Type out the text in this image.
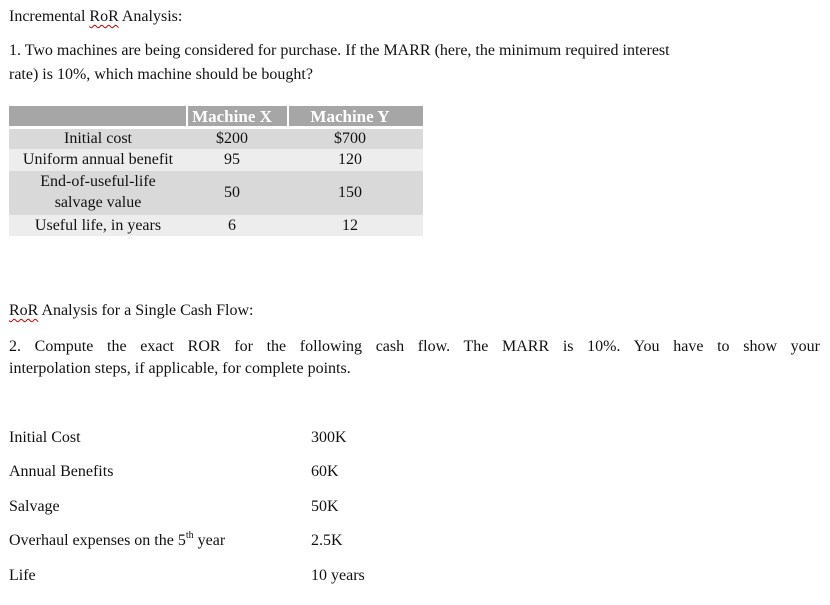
Incremental RoR Analysis:
1. Two machines are being considered for purchase. If the MARR (here, the minimum required interest
rate) is 10%, which machine should be bought?
Machine X	Machine Y
Initial cost	$200	$700
Uniform annual benefit	95	120
End-of-useful-life
salvage value
50	150
Useful life, in years	6	12
RoR Analysis for a Single Cash Flow:
2. Compute the exact ROR for the following cash flow. The MARR is 10%. You have to show your
interpolation steps, if applicable, for complete points.
Initial Cost	300K
Annual Benefits	60K
Salvage	50K
Overhaul expenses on the 5th year	2.5K
Life	10 years
